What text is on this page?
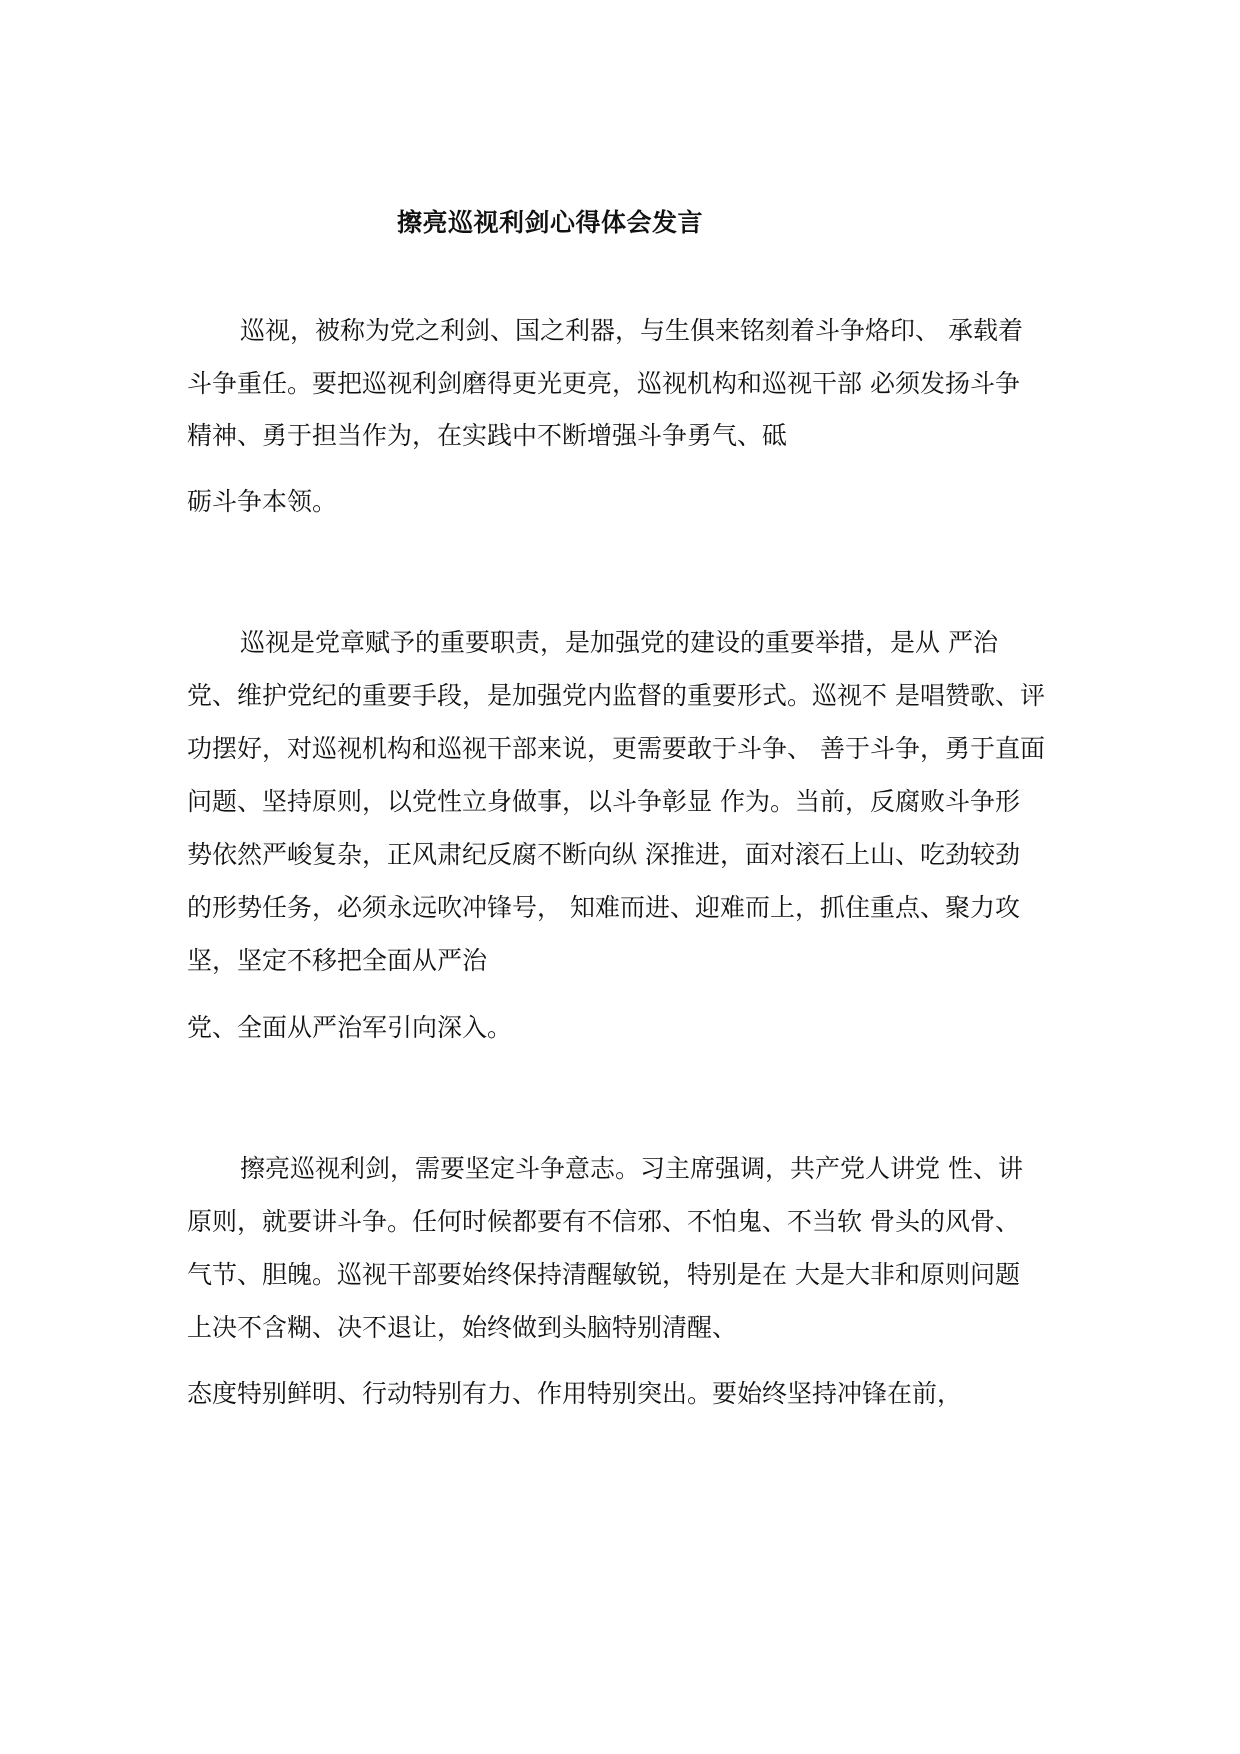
擦亮巡视利剑心得体会发言
巡视，被称为党之利剑、国之利器，与生俱来铭刻着斗争烙印、 承载着
斗争重任。要把巡视利剑磨得更光更亮，巡视机构和巡视干部 必须发扬斗争
精神、勇于担当作为，在实践中不断增强斗争勇气、砥
砺斗争本领。
巡视是党章赋予的重要职责，是加强党的建设的重要举措，是从 严治
党、维护党纪的重要手段，是加强党内监督的重要形式。巡视不 是唱赞歌、评
功摆好，对巡视机构和巡视干部来说，更需要敢于斗争、 善于斗争，勇于直面
问题、坚持原则，以党性立身做事，以斗争彰显 作为。当前，反腐败斗争形
势依然严峻复杂，正风肃纪反腐不断向纵 深推进，面对滚石上山、吃劲较劲
的形势任务，必须永远吹冲锋号， 知难而进、迎难而上，抓住重点、聚力攻
坚，坚定不移把全面从严治
党、全面从严治军引向深入。
擦亮巡视利剑，需要坚定斗争意志。习主席强调，共产党人讲党 性、讲
原则，就要讲斗争。任何时候都要有不信邪、不怕鬼、不当软 骨头的风骨、
气节、胆魄。巡视干部要始终保持清醒敏锐，特别是在 大是大非和原则问题
上决不含糊、决不退让，始终做到头脑特别清醒、
态度特别鲜明、行动特别有力、作用特别突出。要始终坚持冲锋在前，
